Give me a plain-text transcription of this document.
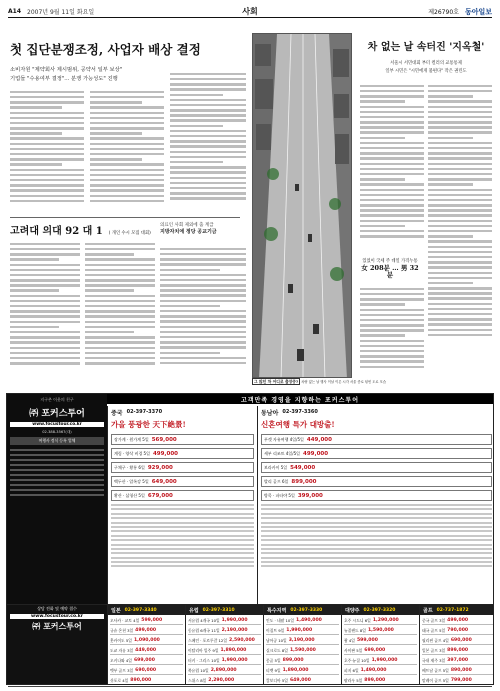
A14 2007년 9월 11일 화요일	사회	제26790호 동아일보
첫 집단분쟁조정, 사업자 배상 결정
소비자원 "제약회사 제시범위, 공약서 일부 보상"
기업들 "수용여부 결정"... 분쟁 가능성도" 진행
고려대 의대 92 대 1 ( 개인 수시 모집 대회)
의료인 사회 제외에 출 계급
지방자치에 정당 공교기금
그 많던 차 어디로 출장중? 차량 없는 날 행사 이날 이른 시각 서울 종로 텅빈 도로 모습
차 없는 날 속터진 '지옥철'
서울시 서민대회 부터 컬러의 교통통제
일부 시민은 "시민에게 불편다" 작은 권린도
있었이 국세 주 데일 가격누통
女 208분 … 男 32분
고객만족 경영을 지향하는 포커스투어
지구촌 이웃의 친구
㈜ 포커스투어
www.focustour.co.kr
02-388-3567(대)
여행사 정식 등록 업체
중국 02-397-3370
가을 풍광한 天下絶景!
장가계 · 원가계 5일 569,000
계림 · 양삭 비경 5일 499,000
구채구 · 황룡 6일 929,000
백두산 · 압록강 5일 649,000
황산 · 삼청산 5일 679,000
동남아 02-397-3360
신혼여행 특가 대방출!
푸켓 자유여행 4일/5일 449,000
세부 리조트 4일/5일 499,000
보라카이 5일 549,000
발리 골프 6일 899,000
방콕 · 파타야 5일 399,000
상담 전화 및 예약 접수
www.focustour.co.kr
㈜ 포커스투어
일본 02-397-3340
오사카 · 교토 4일 599,000
규슈 온천 3일 499,000
홋카이도 5일 1,090,000
도쿄 자유 3일 449,000
오키나와 4일 699,000
벳부 골프 3일 690,000
삿포로 4일 890,000
유럽 02-397-3310
서유럽 4개국 10일 1,990,000
동유럽 6개국 11일 2,190,000
스페인 · 포르투갈 12일 2,590,000
이탈리아 일주 9일 1,890,000
터키 · 그리스 10일 1,990,000
북유럽 10일 2,890,000
스위스 8일 2,290,000
특수지역 02-397-3330
인도 · 네팔 10일 1,490,000
이집트 9일 1,990,000
남아공 10일 3,190,000
실크로드 8일 1,590,000
몽골 5일 899,000
티벳 9일 1,890,000
캄보디아 5일 649,000
대양주 02-397-3320
호주 시드니 6일 1,290,000
뉴질랜드 8일 1,590,000
괌 4일 599,000
사이판 5일 699,000
호주·뉴질 10일 1,990,000
피지 6일 1,490,000
팔라우 5일 899,000
골프 02-737-1872
중국 골프 3일 499,000
태국 골프 5일 790,000
필리핀 골프 4일 690,000
일본 골프 3일 899,000
국내 제주 3일 397,000
베트남 골프 5일 890,000
말레이 골프 5일 799,000
